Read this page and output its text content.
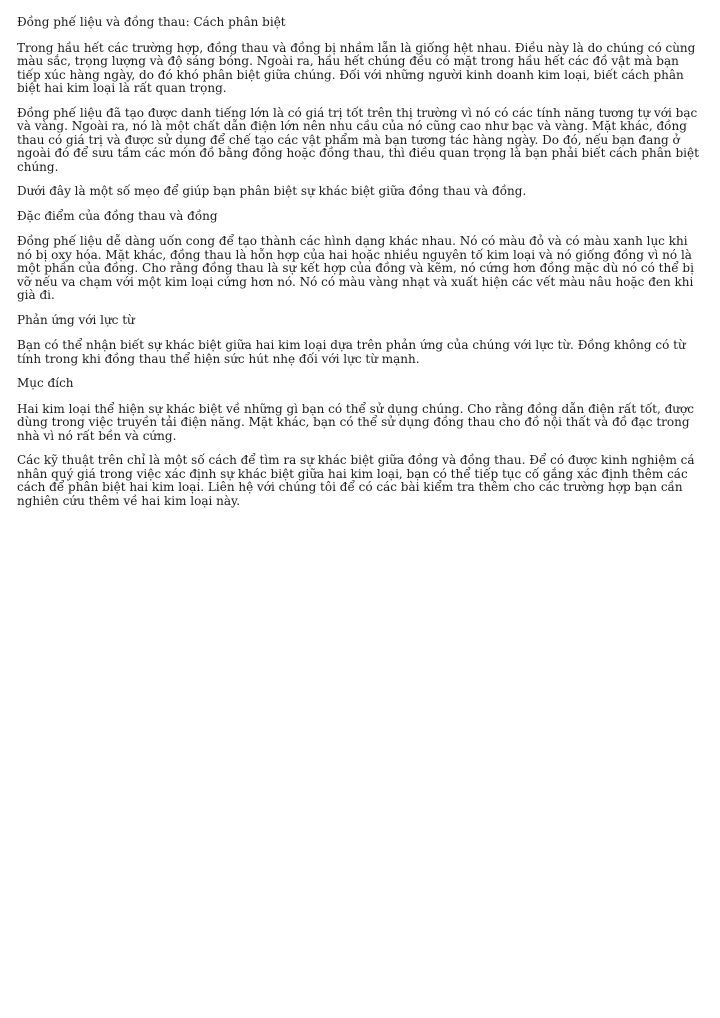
Đồng phế liệu và đồng thau: Cách phân biệt

Trong hầu hết các trường hợp, đồng thau và đồng bị nhầm lẫn là giống hệt nhau. Điều này là do chúng có cùng màu sắc, trọng lượng và độ sáng bóng. Ngoài ra, hầu hết chúng đều có mặt trong hầu hết các đồ vật mà bạn tiếp xúc hàng ngày, do đó khó phân biệt giữa chúng. Đối với những người kinh doanh kim loại, biết cách phân biệt hai kim loại là rất quan trọng.

Đồng phế liệu đã tạo được danh tiếng lớn là có giá trị tốt trên thị trường vì nó có các tính năng tương tự với bạc và vàng. Ngoài ra, nó là một chất dẫn điện lớn nên nhu cầu của nó cũng cao như bạc và vàng. Mặt khác, đồng thau có giá trị và được sử dụng để chế tạo các vật phẩm mà bạn tương tác hàng ngày. Do đó, nếu bạn đang ở ngoài đó để sưu tầm các món đồ bằng đồng hoặc đồng thau, thì điều quan trọng là bạn phải biết cách phân biệt chúng.

Dưới đây là một số mẹo để giúp bạn phân biệt sự khác biệt giữa đồng thau và đồng.

Đặc điểm của đồng thau và đồng

Đồng phế liệu dễ dàng uốn cong để tạo thành các hình dạng khác nhau. Nó có màu đỏ và có màu xanh lục khi nó bị oxy hóa. Mặt khác, đồng thau là hỗn hợp của hai hoặc nhiều nguyên tố kim loại và nó giống đồng vì nó là một phần của đồng. Cho rằng đồng thau là sự kết hợp của đồng và kẽm, nó cứng hơn đồng mặc dù nó có thể bị vỡ nếu va chạm với một kim loại cứng hơn nó. Nó có màu vàng nhạt và xuất hiện các vết màu nâu hoặc đen khi già đi.

Phản ứng với lực từ

Bạn có thể nhận biết sự khác biệt giữa hai kim loại dựa trên phản ứng của chúng với lực từ. Đồng không có từ tính trong khi đồng thau thể hiện sức hút nhẹ đối với lực từ mạnh.

Mục đích

Hai kim loại thể hiện sự khác biệt về những gì bạn có thể sử dụng chúng. Cho rằng đồng dẫn điện rất tốt, được dùng trong việc truyền tải điện năng. Mặt khác, bạn có thể sử dụng đồng thau cho đồ nội thất và đồ đạc trong nhà vì nó rất bền và cứng.

Các kỹ thuật trên chỉ là một số cách để tìm ra sự khác biệt giữa đồng và đồng thau. Để có được kinh nghiệm cá nhân quý giá trong việc xác định sự khác biệt giữa hai kim loại, bạn có thể tiếp tục cố gắng xác định thêm các cách để phân biệt hai kim loại. Liên hệ với chúng tôi để có các bài kiểm tra thêm cho các trường hợp bạn cần nghiên cứu thêm về hai kim loại này.
